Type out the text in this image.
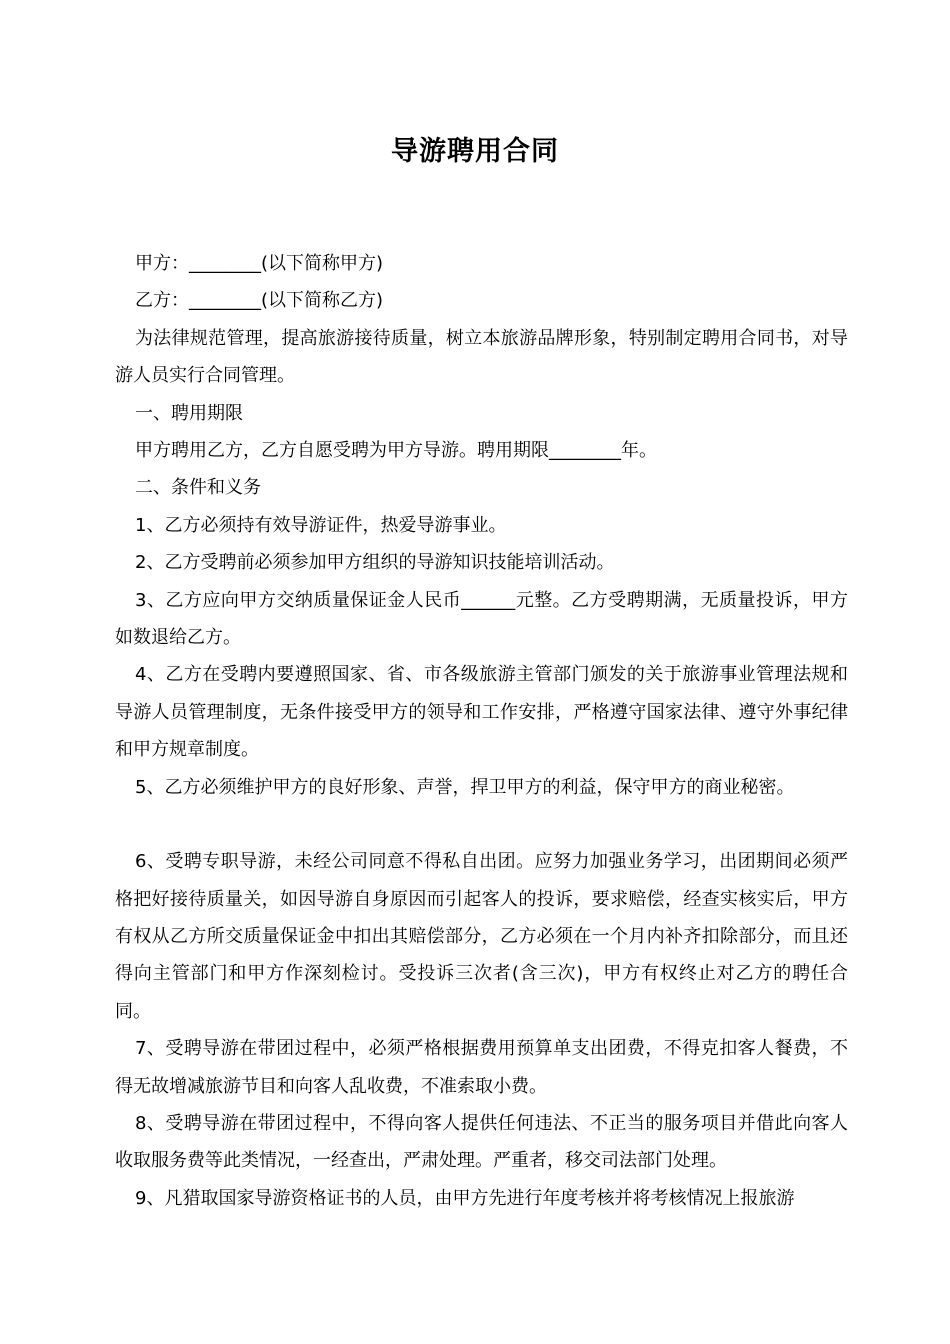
导游聘用合同

甲方：________(以下简称甲方)

乙方：________(以下简称乙方)

为法律规范管理，提高旅游接待质量，树立本旅游品牌形象，特别制定聘用合同书，对导游人员实行合同管理。

一、聘用期限

甲方聘用乙方，乙方自愿受聘为甲方导游。聘用期限________年。

二、条件和义务

1、乙方必须持有效导游证件，热爱导游事业。

2、乙方受聘前必须参加甲方组织的导游知识技能培训活动。

3、乙方应向甲方交纳质量保证金人民币______元整。乙方受聘期满，无质量投诉，甲方如数退给乙方。

4、乙方在受聘内要遵照国家、省、市各级旅游主管部门颁发的关于旅游事业管理法规和导游人员管理制度，无条件接受甲方的领导和工作安排，严格遵守国家法律、遵守外事纪律和甲方规章制度。

5、乙方必须维护甲方的良好形象、声誉，捍卫甲方的利益，保守甲方的商业秘密。

6、受聘专职导游，未经公司同意不得私自出团。应努力加强业务学习，出团期间必须严格把好接待质量关，如因导游自身原因而引起客人的投诉，要求赔偿，经查实核实后，甲方有权从乙方所交质量保证金中扣出其赔偿部分，乙方必须在一个月内补齐扣除部分，而且还得向主管部门和甲方作深刻检讨。受投诉三次者(含三次)，甲方有权终止对乙方的聘任合同。

7、受聘导游在带团过程中，必须严格根据费用预算单支出团费，不得克扣客人餐费，不得无故增减旅游节目和向客人乱收费，不准索取小费。

8、受聘导游在带团过程中，不得向客人提供任何违法、不正当的服务项目并借此向客人收取服务费等此类情况，一经查出，严肃处理。严重者，移交司法部门处理。

9、凡猎取国家导游资格证书的人员，由甲方先进行年度考核并将考核情况上报旅游
